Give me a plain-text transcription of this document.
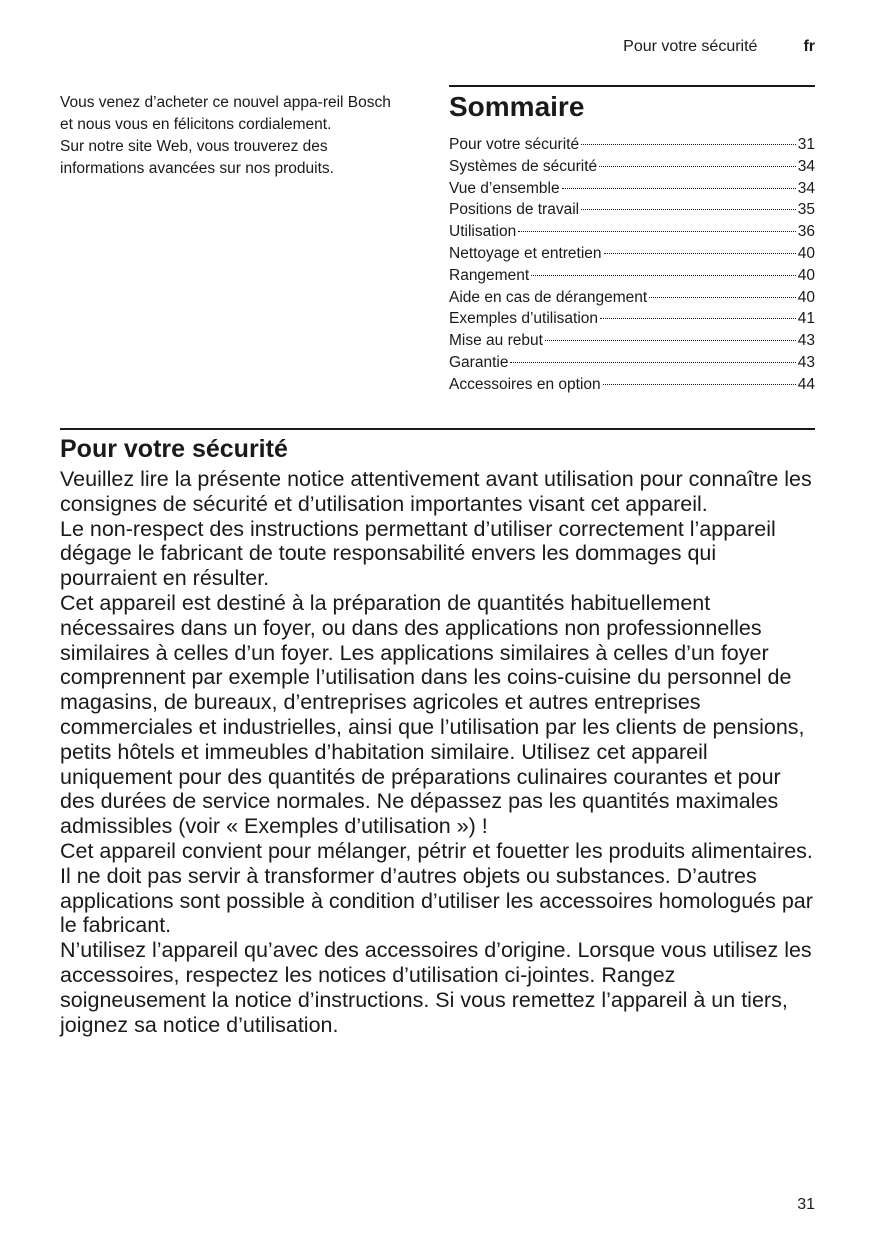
Pour votre sécurité	fr

Vous venez d’acheter ce nouvel appa-reil Bosch et nous vous en félicitons cordialement.

Sur notre site Web, vous trouverez des informations avancées sur nos produits.

Sommaire
Pour votre sécurité	31
Systèmes de sécurité	34
Vue d’ensemble	34
Positions de travail	35
Utilisation	36
Nettoyage et entretien	40
Rangement	40
Aide en cas de dérangement	40
Exemples d’utilisation	41
Mise au rebut	43
Garantie	43
Accessoires en option	44
Pour votre sécurité

Veuillez lire la présente notice attentivement avant utilisation pour connaître les consignes de sécurité et d’utilisation importantes visant cet appareil.

Le non-respect des instructions permettant d’utiliser correctement l’appareil dégage le fabricant de toute responsabilité envers les dommages qui pourraient en résulter.

Cet appareil est destiné à la préparation de quantités habituellement nécessaires dans un foyer, ou dans des applications non professionnelles similaires à celles d’un foyer. Les applications similaires à celles d’un foyer comprennent par exemple l’utilisation dans les coins-cuisine du personnel de magasins, de bureaux, d’entreprises agricoles et autres entreprises commerciales et industrielles, ainsi que l’utilisation par les clients de pensions, petits hôtels et immeubles d’habitation similaire. Utilisez cet appareil uniquement pour des quantités de préparations culinaires courantes et pour des durées de service normales. Ne dépassez pas les quantités maximales admissibles (voir « Exemples d’utilisation ») !

Cet appareil convient pour mélanger, pétrir et fouetter les produits alimentaires. Il ne doit pas servir à transformer d’autres objets ou substances. D’autres applications sont possible à condition d’utiliser les accessoires homologués par le fabricant.

N’utilisez l’appareil qu’avec des accessoires d’origine. Lorsque vous utilisez les accessoires, respectez les notices d’utilisation ci-jointes. Rangez soigneusement la notice d’instructions. Si vous remettez l’appareil à un tiers, joignez sa notice d’utilisation.

31
